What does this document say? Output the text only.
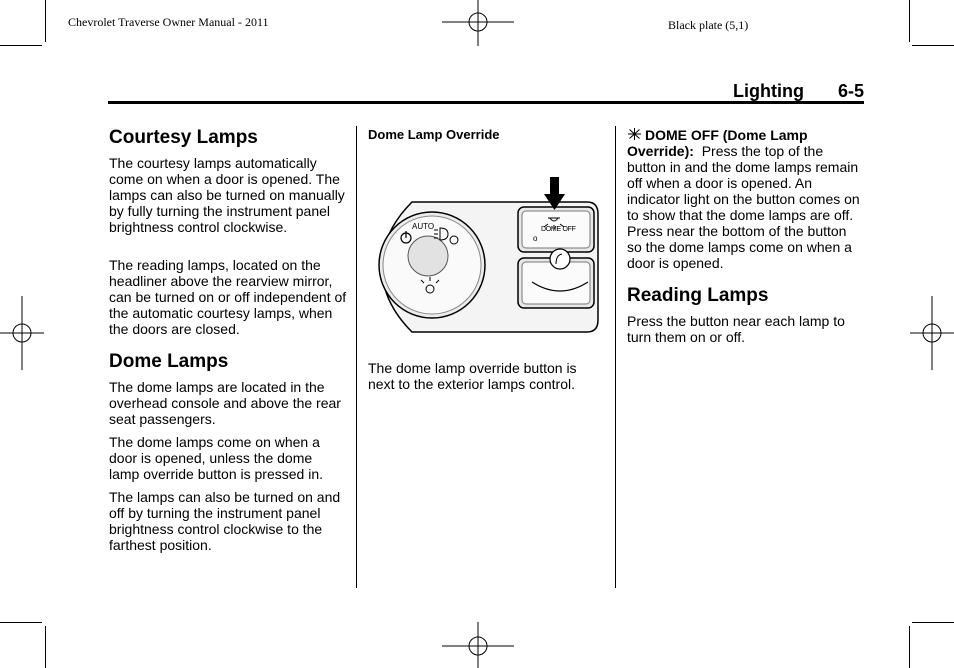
Chevrolet Traverse Owner Manual - 2011	Black plate (5,1)
Lighting 6-5
Courtesy Lamps

The courtesy lamps automatically come on when a door is opened. The lamps can also be turned on manually by fully turning the instrument panel brightness control clockwise.

The reading lamps, located on the headliner above the rearview mirror, can be turned on or off independent of the automatic courtesy lamps, when the doors are closed.

Dome Lamps

The dome lamps are located in the overhead console and above the rear seat passengers.

The dome lamps come on when a door is opened, unless the dome lamp override button is pressed in.

The lamps can also be turned on and off by turning the instrument panel brightness control clockwise to the farthest position.

Dome Lamp Override
AUTO	DOME OFF
o

The dome lamp override button is next to the exterior lamps control.

DOME OFF (Dome Lamp Override): Press the top of the button in and the dome lamps remain off when a door is opened. An indicator light on the button comes on to show that the dome lamps are off. Press near the bottom of the button so the dome lamps come on when a door is opened.

Reading Lamps

Press the button near each lamp to turn them on or off.
